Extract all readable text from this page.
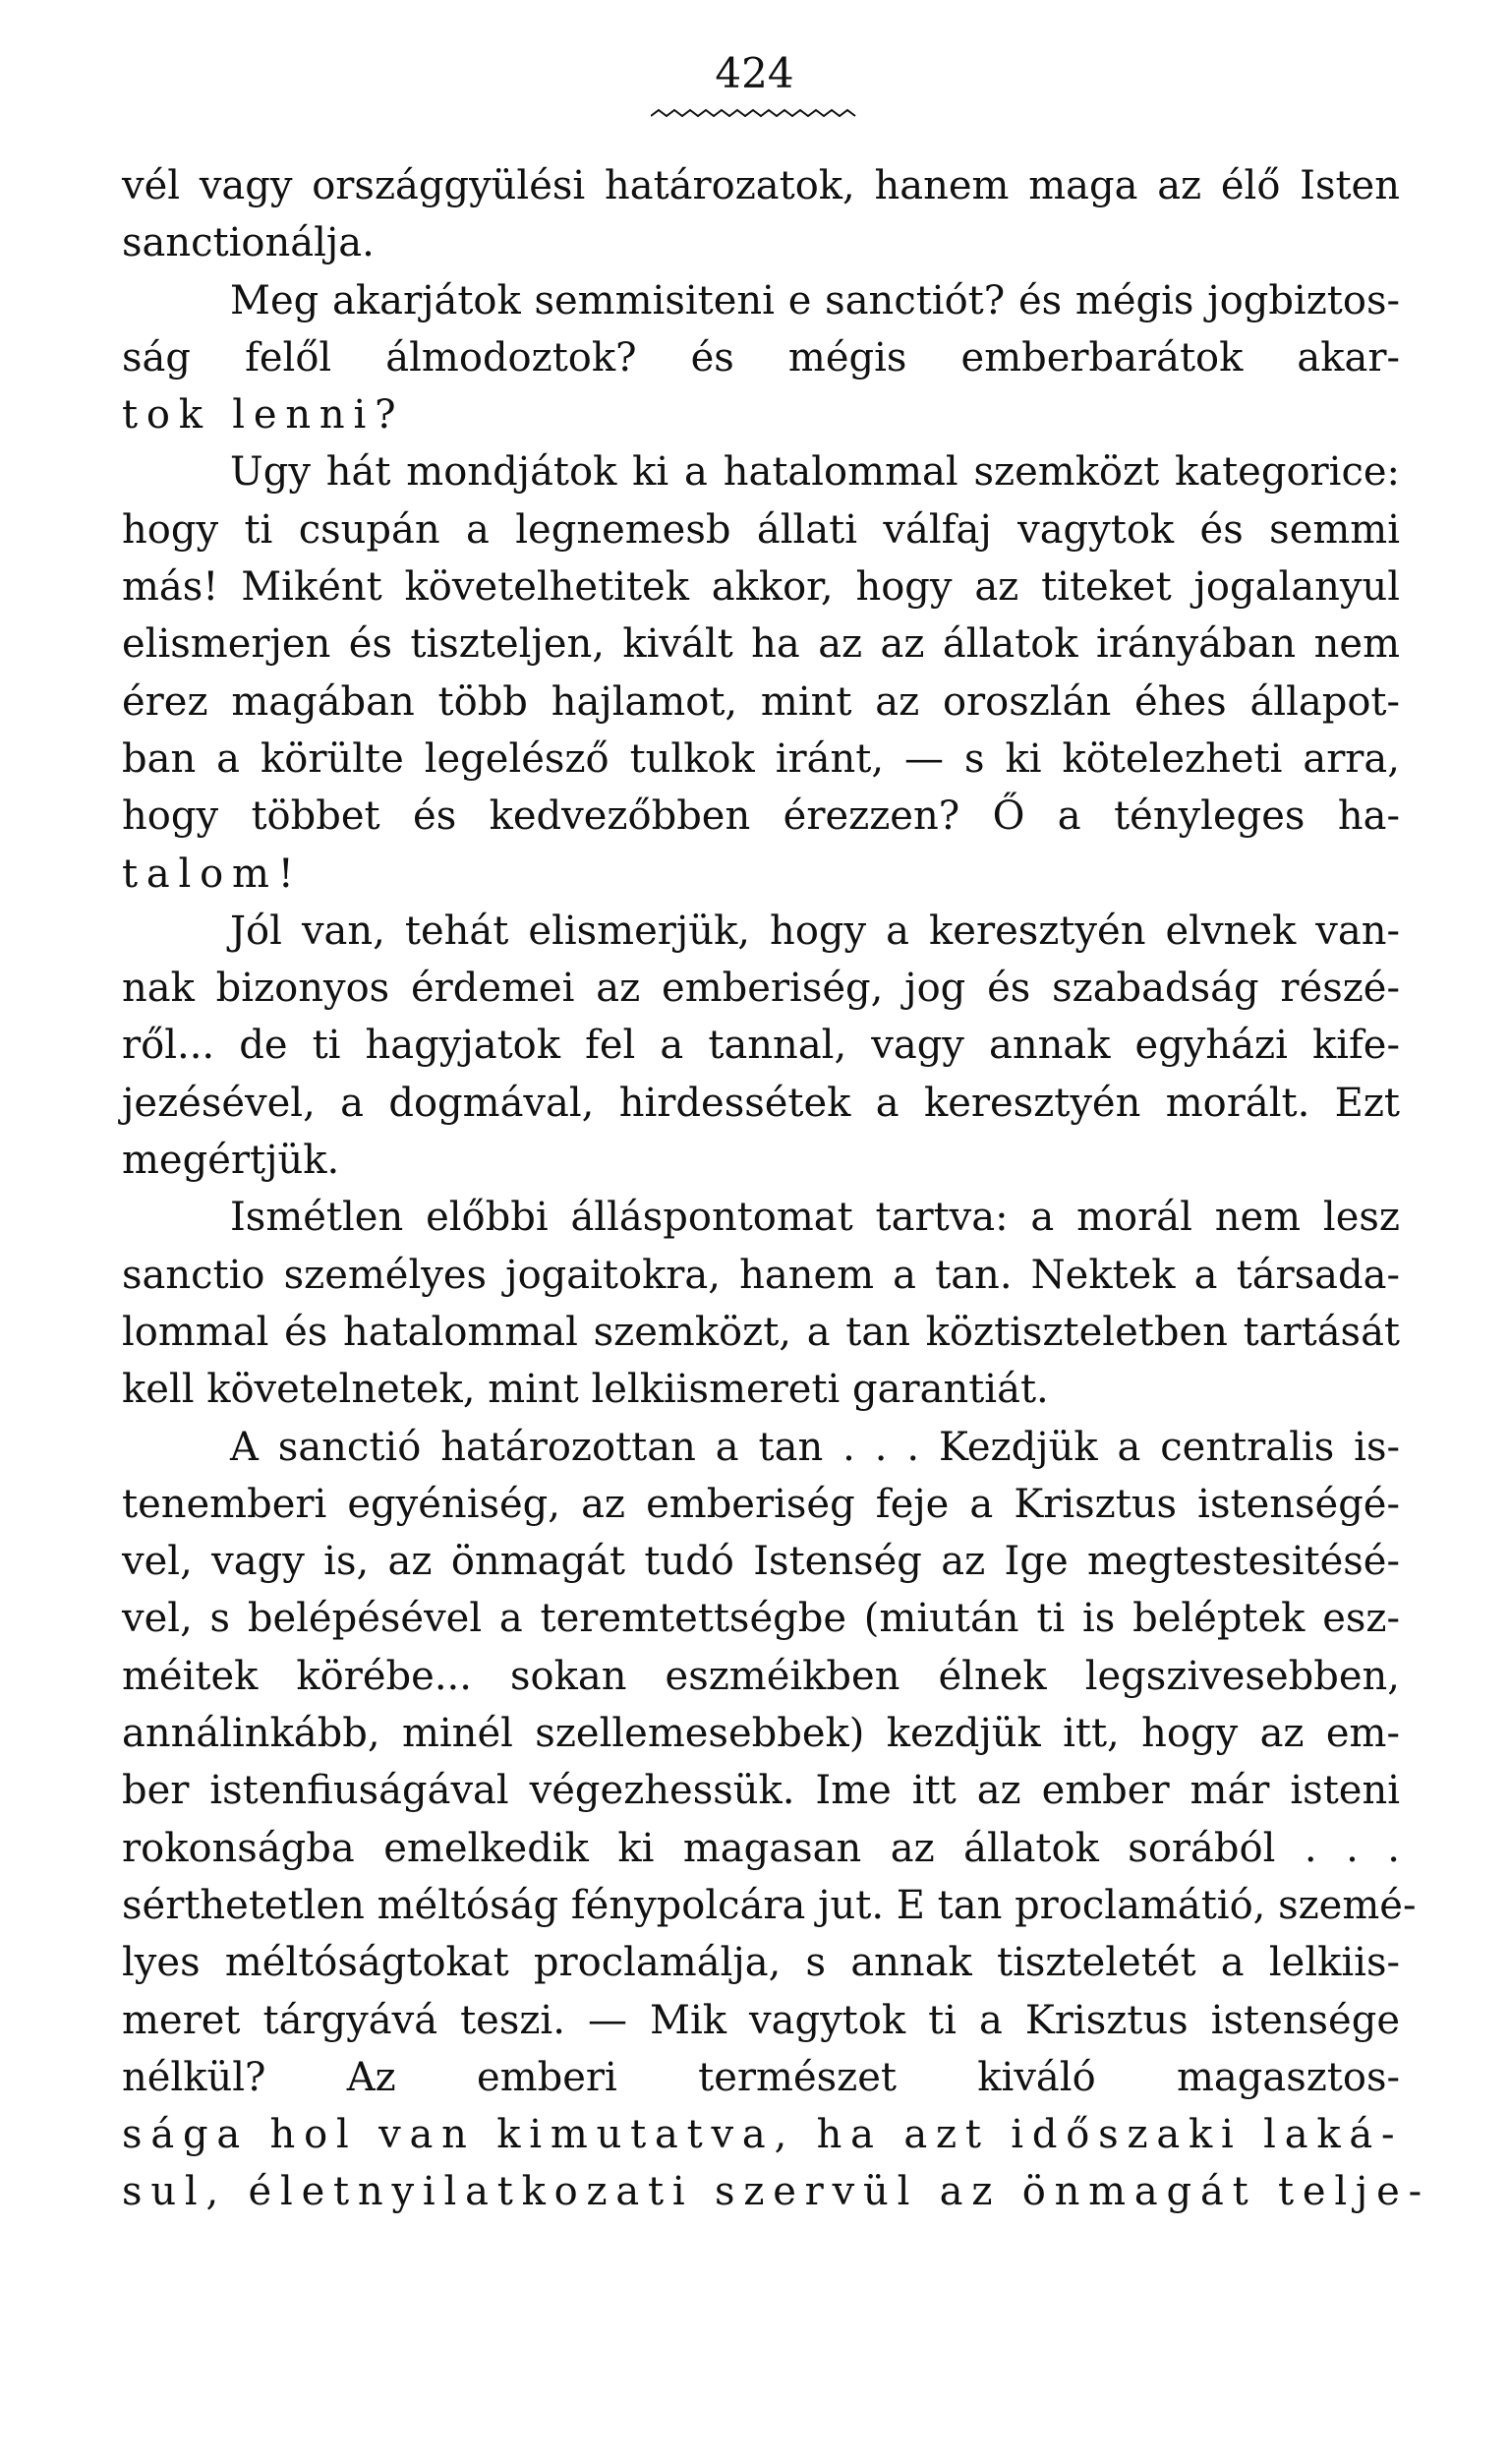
424
vél vagy országgyülési határozatok, hanem maga az élő Isten
sanctionálja.
Meg akarjátok semmisiteni e sanctiót? és mégis jogbiztos-
ság felől álmodoztok? és mégis emberbarátok akar-
tok lenni?
Ugy hát mondjátok ki a hatalommal szemközt kategorice:
hogy ti csupán a legnemesb állati válfaj vagytok és semmi
más! Miként követelhetitek akkor, hogy az titeket jogalanyul
elismerjen és tiszteljen, kivált ha az az állatok irányában nem
érez magában több hajlamot, mint az oroszlán éhes állapot-
ban a körülte legelésző tulkok iránt, — s ki kötelezheti arra,
hogy többet és kedvezőbben érezzen? Ő a tényleges ha-
talom!
Jól van, tehát elismerjük, hogy a keresztyén elvnek van-
nak bizonyos érdemei az emberiség, jog és szabadság részé-
ről... de ti hagyjatok fel a tannal, vagy annak egyházi kife-
jezésével, a dogmával, hirdessétek a keresztyén morált. Ezt
megértjük.
Ismétlen előbbi álláspontomat tartva: a morál nem lesz
sanctio személyes jogaitokra, hanem a tan. Nektek a társada-
lommal és hatalommal szemközt, a tan köztiszteletben tartását
kell követelnetek, mint lelkiismereti garantiát.
A sanctió határozottan a tan . . . Kezdjük a centralis is-
tenemberi egyéniség, az emberiség feje a Krisztus istenségé-
vel, vagy is, az önmagát tudó Istenség az Ige megtestesitésé-
vel, s belépésével a teremtettségbe (miután ti is beléptek esz-
méitek körébe... sokan eszméikben élnek legszivesebben,
annálinkább, minél szellemesebbek) kezdjük itt, hogy az em-
ber istenfiuságával végezhessük. Ime itt az ember már isteni
rokonságba emelkedik ki magasan az állatok sorából . . .
sérthetetlen méltóság fénypolcára jut. E tan proclamátió, szemé-
lyes méltóságtokat proclamálja, s annak tiszteletét a lelkiis-
meret tárgyává teszi. — Mik vagytok ti a Krisztus istensége
nélkül? Az emberi természet kiváló magasztos-
sága hol van kimutatva, ha azt időszaki laká-
sul, életnyilatkozati szervül az önmagát telje-
